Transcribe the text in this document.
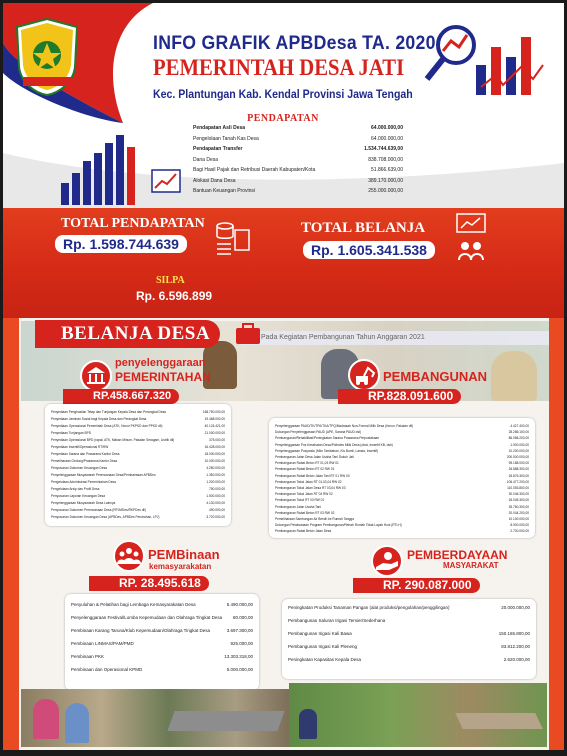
INFO GRAFIK APBDesa TA. 2020
PEMERINTAH DESA JATI
Kec. Plantungan Kab. Kendal Provinsi Jawa Tengah
PENDAPATAN
Pendapatan Asli Desa	64.000.000,00
Pengelolaan Tanah Kas Desa	64.000.000,00
Pendapatan Transfer	1.534.744.639,00
Dana Desa	838.708.000,00
Bagi Hasil Pajak dan Retribusi Daerah Kabupaten/Kota	51.866.639,00
Alokasi Dana Desa	389.170.000,00
Bantuan Keuangan Provinsi	255.000.000,00
TOTAL PENDAPATAN
Rp. 1.598.744.639
TOTAL BELANJA
Rp. 1.605.341.538
SILPA
Rp. 6.596.899
Pada Kegiatan Pembangunan Tahun Anggaran 2021
BELANJA DESA
penyelenggaraan
PEMERINTAHAN
RP.458.667.320
Penyediaan Penghasilan Tetap dan Tunjangan Kepala Desa dan Perangkat Desa	168.750.000,00
Penyediaan Jaminan Sosial bagi Kepala Desa dan Perangkat Desa	19.468.000,00
Penyediaan Operasional Pemerintah Desa (ATK, Honor PKPKD dan PPKD dll)	40.124.421,00
Penyediaan Tunjangan BPD	21.000.000,00
Penyediaan Operasional BPD (rapat, ATK, Makan Minum, Pakaian Seragam, Listrik dll)	375.000,00
Penyediaan Insentif/Operasional RT/RW	16.428.000,00
Penyediaan Sarana dan Prasarana Kantor Desa	18.000.000,00
Pemeliharaan Gedung/Prasarana Kantor Desa	10.000.000,00
Penyusunan Dokumen Keuangan Desa	4.280.000,00
Penyelenggaraan Musyawarah Perencanaan Desa/Pembahasan APBDes	1.350.000,00
Pengelolaan Administrasi Pemerintahan Desa	1.200.000,00
Pengelolaan Arsip dan Profil Desa	750.000,00
Penyusunan Laporan Keuangan Desa	1.500.000,00
Penyelenggaraan Musyawarah Desa Lainnya	4.130.000,00
Penyusunan Dokumen Perencanaan Desa (RPJMDes/RKPDes dll)	490.000,00
Penyusunan Dokumen Keuangan Desa (APBDes, APBDes Perubahan, LPJ)	3.720.000,00
PEMBANGUNAN
RP.828.091.600
Penyelenggaraan PAUD/TK/TPA/TKA/TPQ/Madrasah Non-Formal Milik Desa (Honor, Pakaian dll)	4.427.400,00
Dukungan Penyelenggaraan PAUD (APE, Sarana PAUD dst)	28.286.100,00
Pembangunan/Rehabilitasi/Peningkatan Sarana Prasarana Perpustakaan	86.086.200,00
Penyelenggaraan Pos Kesehatan Desa/Polindes Milik Desa (obat, Insentif KB, dsb)	1.000.000,00
Penyelenggaraan Posyandu (Mkn Tambahan, Kls Bumil, Lansia, Insentif)	10.200.000,00
Pembangunan Jalan Desa Jalan Usaha Tani Dukuh Jati	200.000.000,00
Pembangunan Rabat Beton RT 01,03 RW 01	95.188.000,00
Pembangunan Rabat Beton RT 02 RW 01	26.888.300,00
Pembangunan Rabat Beton Jalan Tani RT 01 RW 03	26.876.300,00
Pembangunan Talud Jalan RT 01,03,04 RW 02	106.477.200,00
Pembangunan Talud Jalan Desa RT 03,04 RW 03	110.053.800,00
Pembangunan Talud Jalan RT 04 RW 02	30.046.300,00
Pembangunan Talud RT 03 RW 01	26.045.300,00
Pembangunan Jalan Usaha Tani	35.760.300,00
Pembangunan Rabat Beton RT 03 RW 02	20.044.200,00
Pemeliharaan Sambungan Air Bersih ke Rumah Tangga	10.100.000,00
Dukungan Pelaksanaan Program Pembangunan/Rehab Rumah Tidak Layak Huni (RTLH)	8.000.000,00
Pembangunan Rabat Beton Jalan Desa	2.700.000,00
PEMBinaan
kemasyarakatan
RP. 28.495.618
Penyuluhan & Pelatihan bagi Lembaga Kemasyarakatan Desa	5.490.000,00
Penyelenggaraan Festival/Lomba Kepemudaan dan Olahraga Tingkat Desa 80.000,00
Pembinaan Karang Taruna/Klub Kepemudaan/Olahraga Tingkat Desa	3.697.300,00
Pembinaan LINMAS/PAM/PMD	925.000,00
Pembinaan PKK	13.303.318,00
Pembinaan dan Operasional KPMD	5.000.000,00
PEMBERDAYAAN
MASYARAKAT
RP. 290.087.000
Peningkatan Produksi Tanaman Pangan (alat produksi/pengolahan/penggilingan)	20.000.000,00
Pembangunan Saluran Irigasi Tersier/Sederhana
Pembangunan Irigasi Kali Bawa	150.165.800,00
Pembangunan Irigasi Kali Pleneng	83.812.200,00
Peningkatan Kapasitas Kepala Desa	2.620.000,00
